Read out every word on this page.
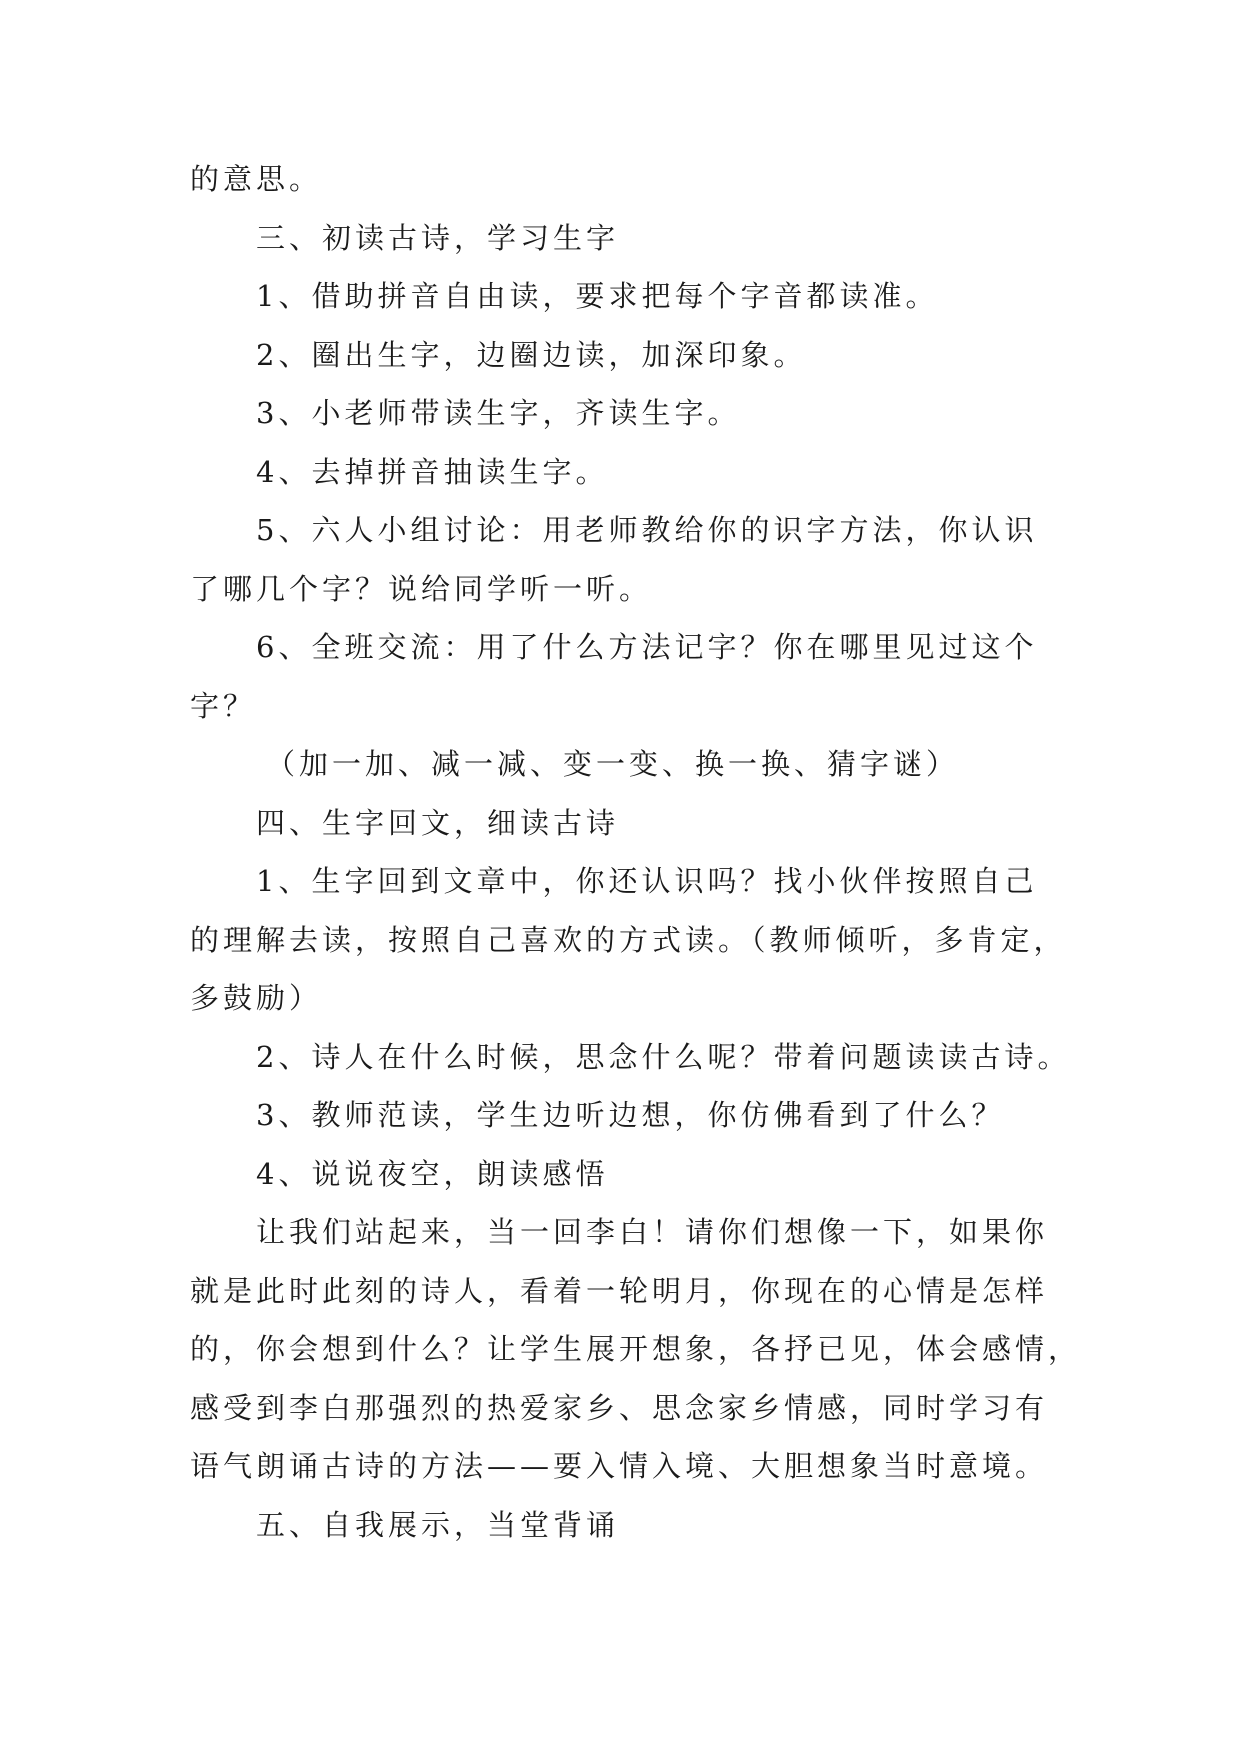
的意思。
三、初读古诗，学习生字
1、借助拼音自由读，要求把每个字音都读准。
2、圈出生字，边圈边读，加深印象。
3、小老师带读生字，齐读生字。
4、去掉拼音抽读生字。
5、六人小组讨论：用老师教给你的识字方法，你认识
了哪几个字？说给同学听一听。
6、全班交流：用了什么方法记字？你在哪里见过这个
字？
（加一加、减一减、变一变、换一换、猜字谜）
四、生字回文，细读古诗
1、生字回到文章中，你还认识吗？找小伙伴按照自己
的理解去读，按照自己喜欢的方式读。（教师倾听，多肯定，
多鼓励）
2、诗人在什么时候，思念什么呢？带着问题读读古诗。
3、教师范读，学生边听边想，你仿佛看到了什么？
4、说说夜空，朗读感悟
让我们站起来，当一回李白！请你们想像一下，如果你
就是此时此刻的诗人，看着一轮明月，你现在的心情是怎样
的，你会想到什么？让学生展开想象，各抒已见，体会感情，
感受到李白那强烈的热爱家乡、思念家乡情感，同时学习有
语气朗诵古诗的方法——要入情入境、大胆想象当时意境。
五、自我展示，当堂背诵
